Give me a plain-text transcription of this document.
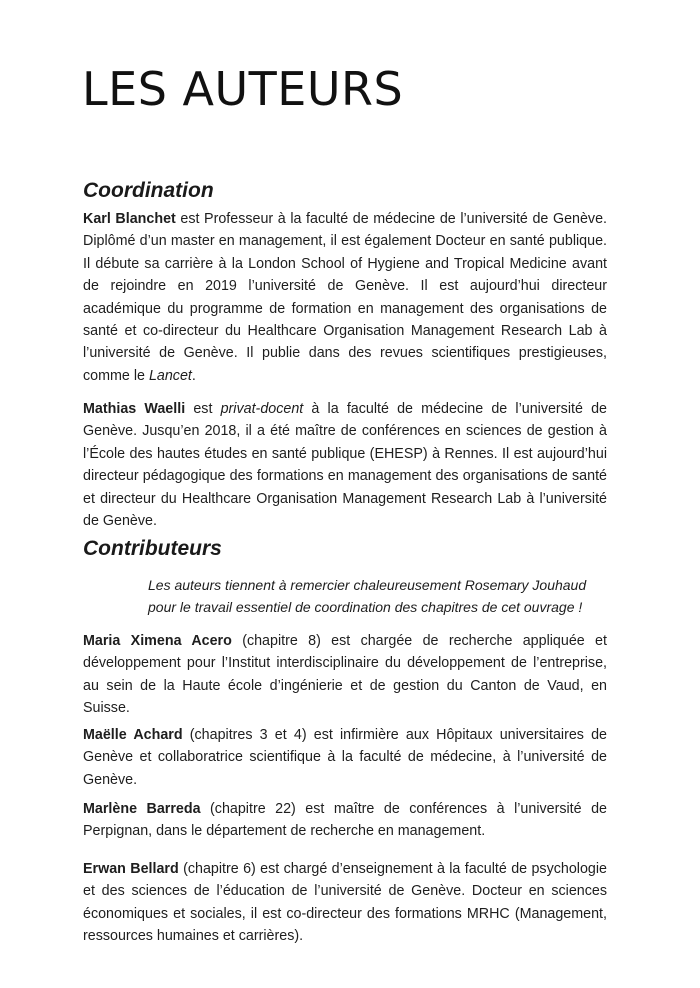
LES AUTEURS
Coordination

Karl Blanchet est Professeur à la faculté de médecine de l’université de Genève. Diplômé d’un master en management, il est également Docteur en santé publique. Il débute sa carrière à la London School of Hygiene and Tropical Medicine avant de rejoindre en 2019 l’université de Genève. Il est aujourd’hui directeur académique du programme de formation en management des organisations de santé et co-directeur du Healthcare Organisation Management Research Lab à l’université de Genève. Il publie dans des revues scientifiques prestigieuses, comme le Lancet.

Mathias Waelli est privat-docent à la faculté de médecine de l’université de Genève. Jusqu’en 2018, il a été maître de conférences en sciences de gestion à l’École des hautes études en santé publique (EHESP) à Rennes. Il est aujourd’hui directeur pédagogique des formations en management des organisations de santé et directeur du Healthcare Organisation Management Research Lab à l’université de Genève.

Contributeurs

Les auteurs tiennent à remercier chaleureusement Rosemary Jouhaud pour le travail essentiel de coordination des chapitres de cet ouvrage !

Maria Ximena Acero (chapitre 8) est chargée de recherche appliquée et développement pour l’Institut interdisciplinaire du développement de l’entreprise, au sein de la Haute école d’ingénierie et de gestion du Canton de Vaud, en Suisse.

Maëlle Achard (chapitres 3 et 4) est infirmière aux Hôpitaux universitaires de Genève et collaboratrice scientifique à la faculté de médecine, à l’université de Genève.

Marlène Barreda (chapitre 22) est maître de conférences à l’université de Perpignan, dans le département de recherche en management.

Erwan Bellard (chapitre 6) est chargé d’enseignement à la faculté de psychologie et des sciences de l’éducation de l’université de Genève. Docteur en sciences économiques et sociales, il est co-directeur des formations MRHC (Management, ressources humaines et carrières).
